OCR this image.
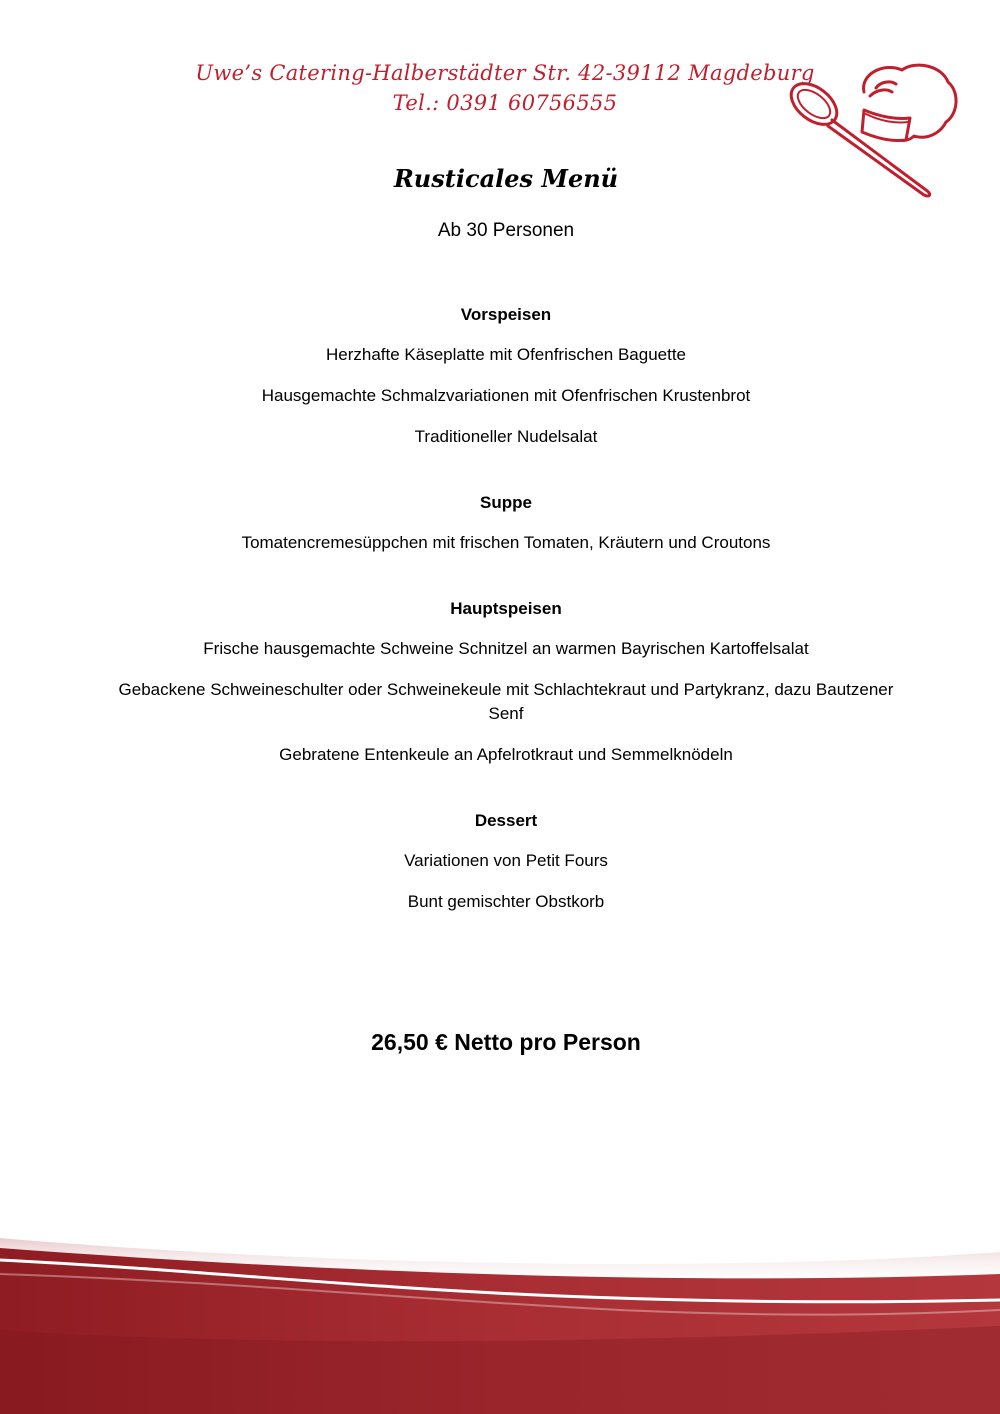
Uwe’s Catering-Halberstädter Str. 42-39112 Magdeburg
Tel.: 0391 60756555
Rusticales Menü
Ab 30 Personen
Vorspeisen
Herzhafte Käseplatte mit Ofenfrischen Baguette
Hausgemachte Schmalzvariationen mit Ofenfrischen Krustenbrot
Traditioneller Nudelsalat
Suppe
Tomatencremesüppchen mit frischen Tomaten, Kräutern und Croutons
Hauptspeisen
Frische hausgemachte Schweine Schnitzel an warmen Bayrischen Kartoffelsalat
Gebackene Schweineschulter oder Schweinekeule mit Schlachtekraut und Partykranz, dazu Bautzener Senf
Gebratene Entenkeule an Apfelrotkraut und Semmelknödeln
Dessert
Variationen von Petit Fours
Bunt gemischter Obstkorb
26,50 € Netto pro Person
